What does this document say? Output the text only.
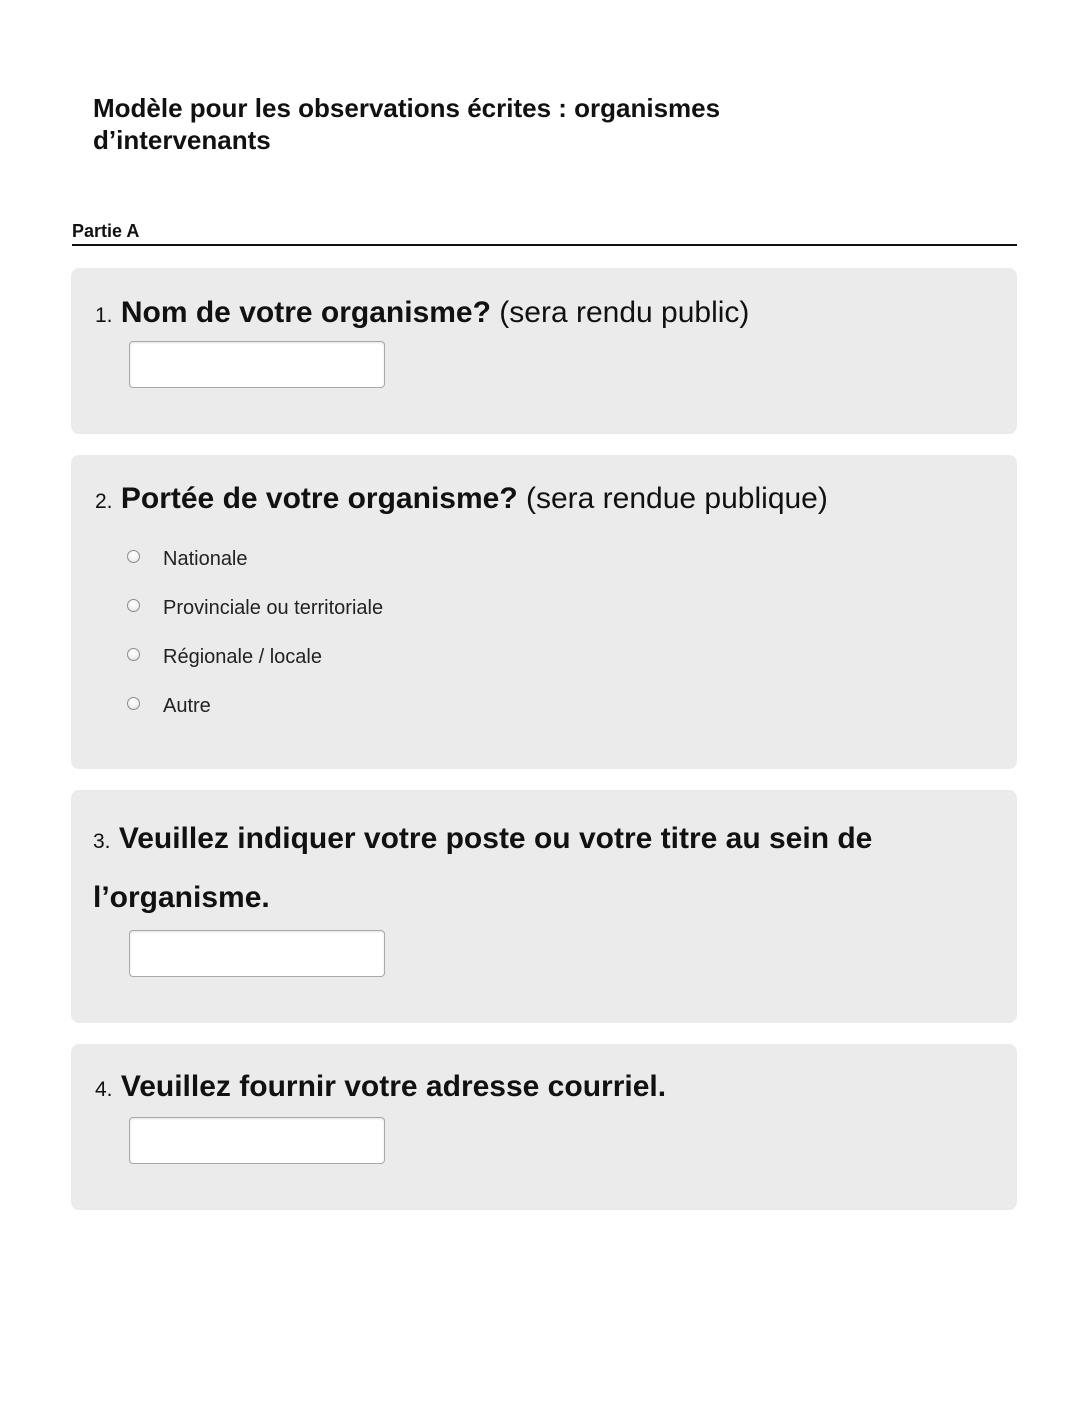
Modèle pour les observations écrites : organismes d’intervenants
Partie A
1. Nom de votre organisme? (sera rendu public)
2. Portée de votre organisme? (sera rendue publique)
Nationale
Provinciale ou territoriale
Régionale / locale
Autre
3. Veuillez indiquer votre poste ou votre titre au sein de l’organisme.
4. Veuillez fournir votre adresse courriel.
